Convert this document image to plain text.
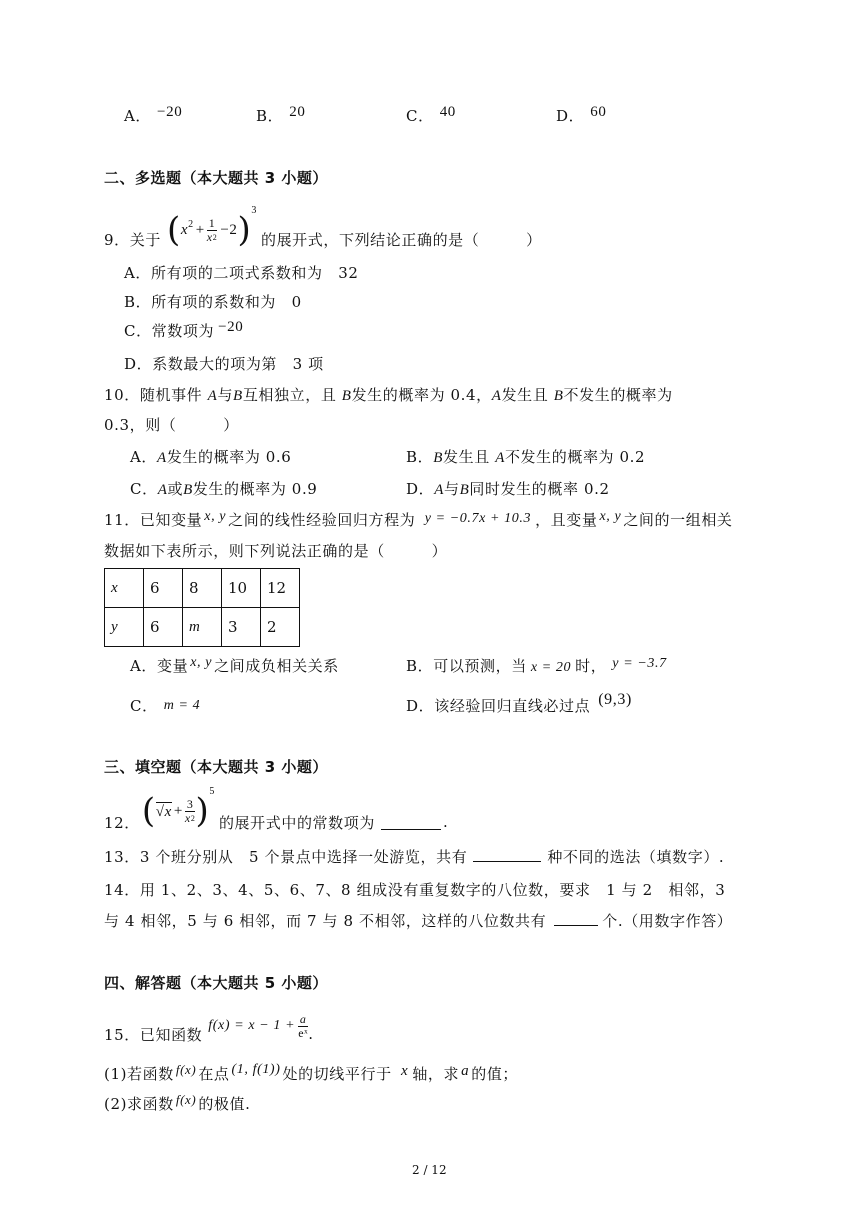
A． −20	B． 20	C． 40	D． 60
二、多选题（本大题共 3 小题）
9．关于 ( x $2 + \frac{1}{x^2} -2$ ) 3
的展开式，下列结论正确的是（　　　）
A．所有项的二项式系数和为　32
B．所有项的系数和为　0
C．常数项为 −20
D．系数最大的项为第　3 项
10．随机事件 A与B互相独立，且 B发生的概率为 0.4，A发生且 B不发生的概率为
0.3，则（　　　）
A．A发生的概率为 0.6	B．B发生且 A不发生的概率为 0.2
C．A或B发生的概率为 0.9	D．A与B同时发生的概率 0.2
11．已知变量 x, y 之间的线性经验回归方程为 y = −0.7x + 10.3 ，且变量 x, y 之间的一组相关
数据如下表所示，则下列说法正确的是（　　　）
x	6	8	10	12
y	6	m	3	2
A．变量 x, y 之间成负相关关系	B．可以预测，当 x = 20 时， y = −3.7
C． m = 4	D．该经验回归直线必过点 (9,3)
三、填空题（本大题共 3 小题）
12． ( $√x + \frac{3}{x^2}$ ) 5
的展开式中的常数项为	.
13．3 个班分别从　5 个景点中选择一处游览，共有	种不同的选法（填数字）.
14．用 1、2、3、4、5、6、7、8 组成没有重复数字的八位数，要求　1 与 2　相邻，3
与 4 相邻，5 与 6 相邻，而 7 与 8 不相邻，这样的八位数共有	个.（用数字作答）
四、解答题（本大题共 5 小题）
15．已知函数 $f(x) = x - 1 + \frac{a}{\text{eˣ}}$ .
(1)若函数 f(x) 在点 (1, f(1)) 处的切线平行于 x 轴，求 a 的值；
(2)求函数 f(x) 的极值.
2 / 12
